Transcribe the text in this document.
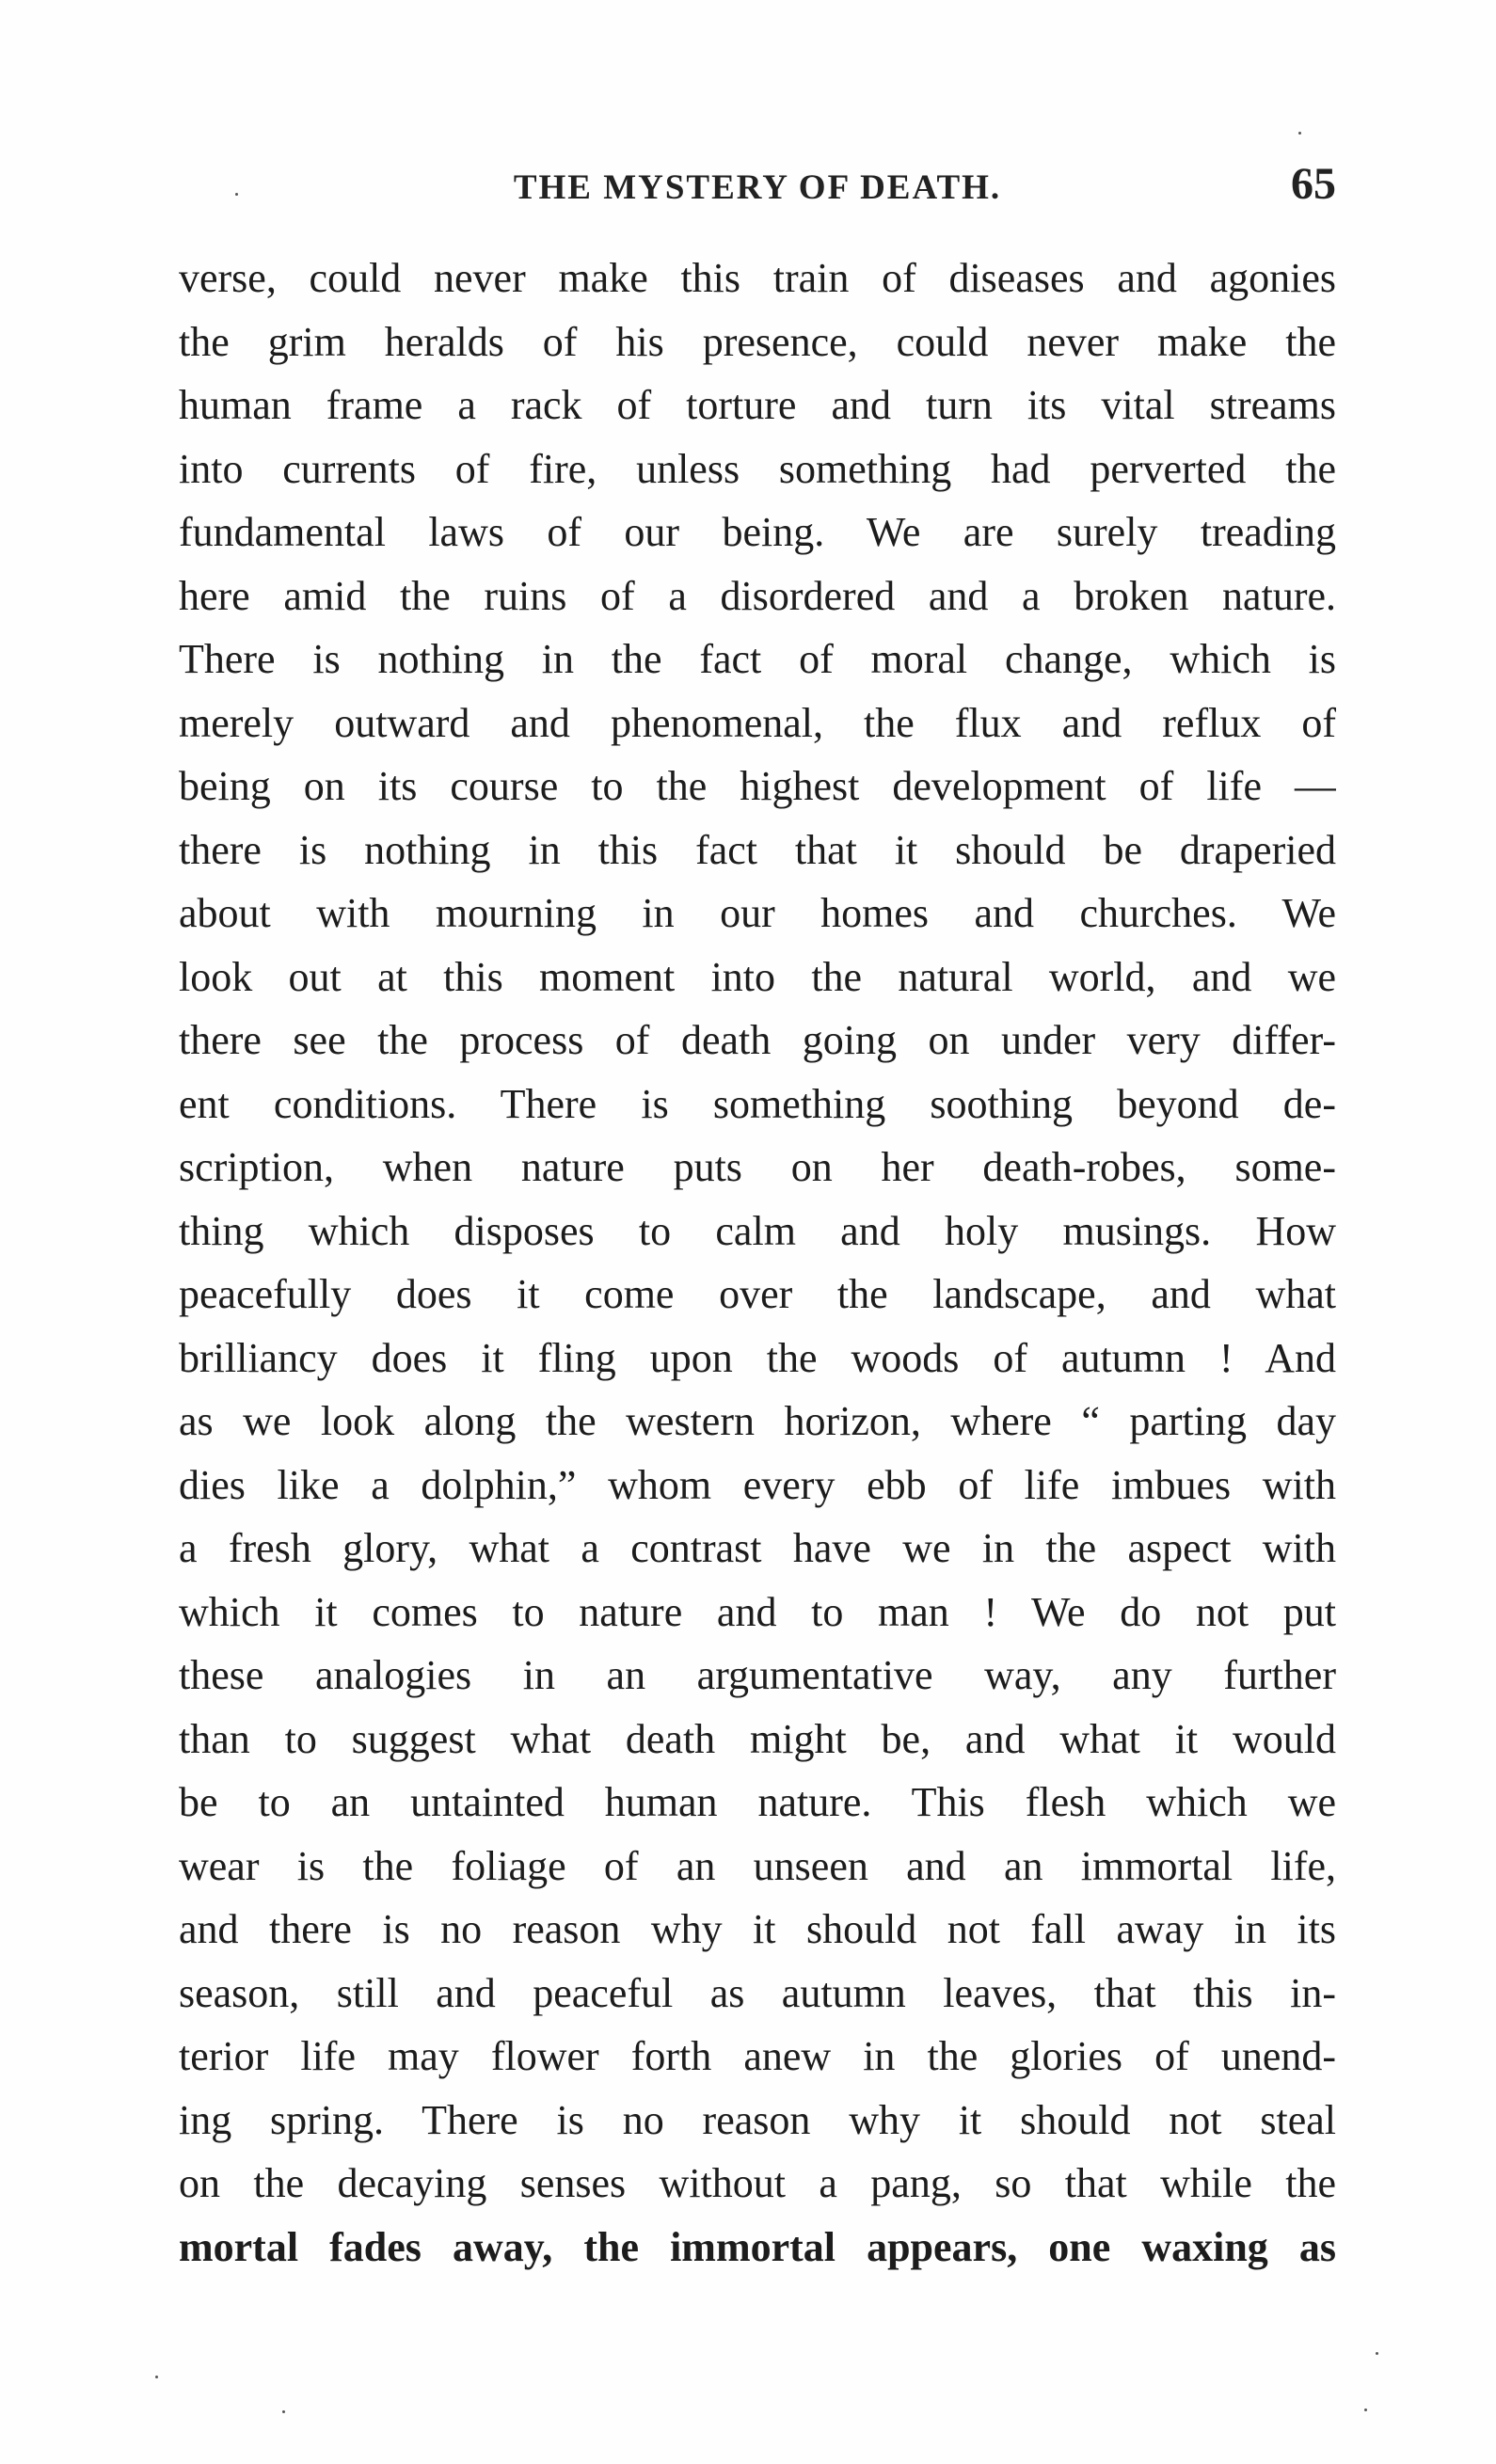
THE MYSTERY OF DEATH.	65
verse, could never make this train of diseases and agonies
the grim heralds of his presence, could never make the
human frame a rack of torture and turn its vital streams
into currents of fire, unless something had perverted the
fundamental laws of our being. We are surely treading
here amid the ruins of a disordered and a broken nature.
There is nothing in the fact of moral change, which is
merely outward and phenomenal, the flux and reflux of
being on its course to the highest development of life —
there is nothing in this fact that it should be draperied
about with mourning in our homes and churches. We
look out at this moment into the natural world, and we
there see the process of death going on under very differ-
ent conditions. There is something soothing beyond de-
scription, when nature puts on her death-robes, some-
thing which disposes to calm and holy musings. How
peacefully does it come over the landscape, and what
brilliancy does it fling upon the woods of autumn ! And
as we look along the western horizon, where “ parting day
dies like a dolphin,” whom every ebb of life imbues with
a fresh glory, what a contrast have we in the aspect with
which it comes to nature and to man ! We do not put
these analogies in an argumentative way, any further
than to suggest what death might be, and what it would
be to an untainted human nature. This flesh which we
wear is the foliage of an unseen and an immortal life,
and there is no reason why it should not fall away in its
season, still and peaceful as autumn leaves, that this in-
terior life may flower forth anew in the glories of unend-
ing spring. There is no reason why it should not steal
on the decaying senses without a pang, so that while the
mortal fades away, the immortal appears, one waxing as
